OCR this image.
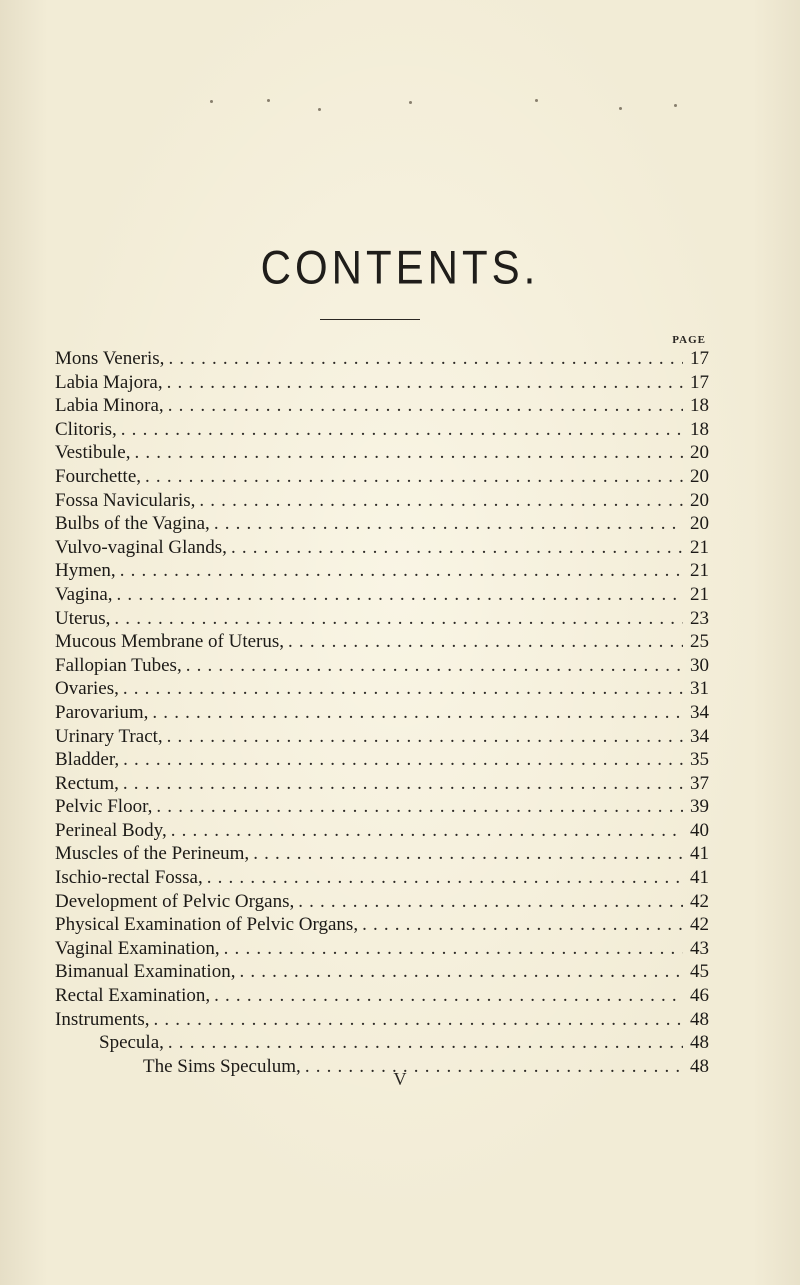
CONTENTS.
PAGE
Mons Veneris, . . .	17
Labia Majora, . . .	17
Labia Minora, . . .	18
Clitoris, . . .	18
Vestibule, . . .	20
Fourchette, . . .	20
Fossa Navicularis, . . .	20
Bulbs of the Vagina, . . .	20
Vulvo-vaginal Glands, . . .	21
Hymen, . . .	21
Vagina, . . .	21
Uterus, . . .	23
Mucous Membrane of Uterus, . . .	25
Fallopian Tubes, . . .	30
Ovaries, . . .	31
Parovarium, . . .	34
Urinary Tract, . . .	34
Bladder, . . .	35
Rectum, . . .	37
Pelvic Floor, . . .	39
Perineal Body, . . .	40
Muscles of the Perineum, . . .	41
Ischio-rectal Fossa, . . .	41
Development of Pelvic Organs, . . .	42
Physical Examination of Pelvic Organs, . . .	42
Vaginal Examination, . . .	43
Bimanual Examination, . . .	45
Rectal Examination, . . .	46
Instruments, . . .	48
Specula, . . .	48
The Sims Speculum, . . .	48
V
